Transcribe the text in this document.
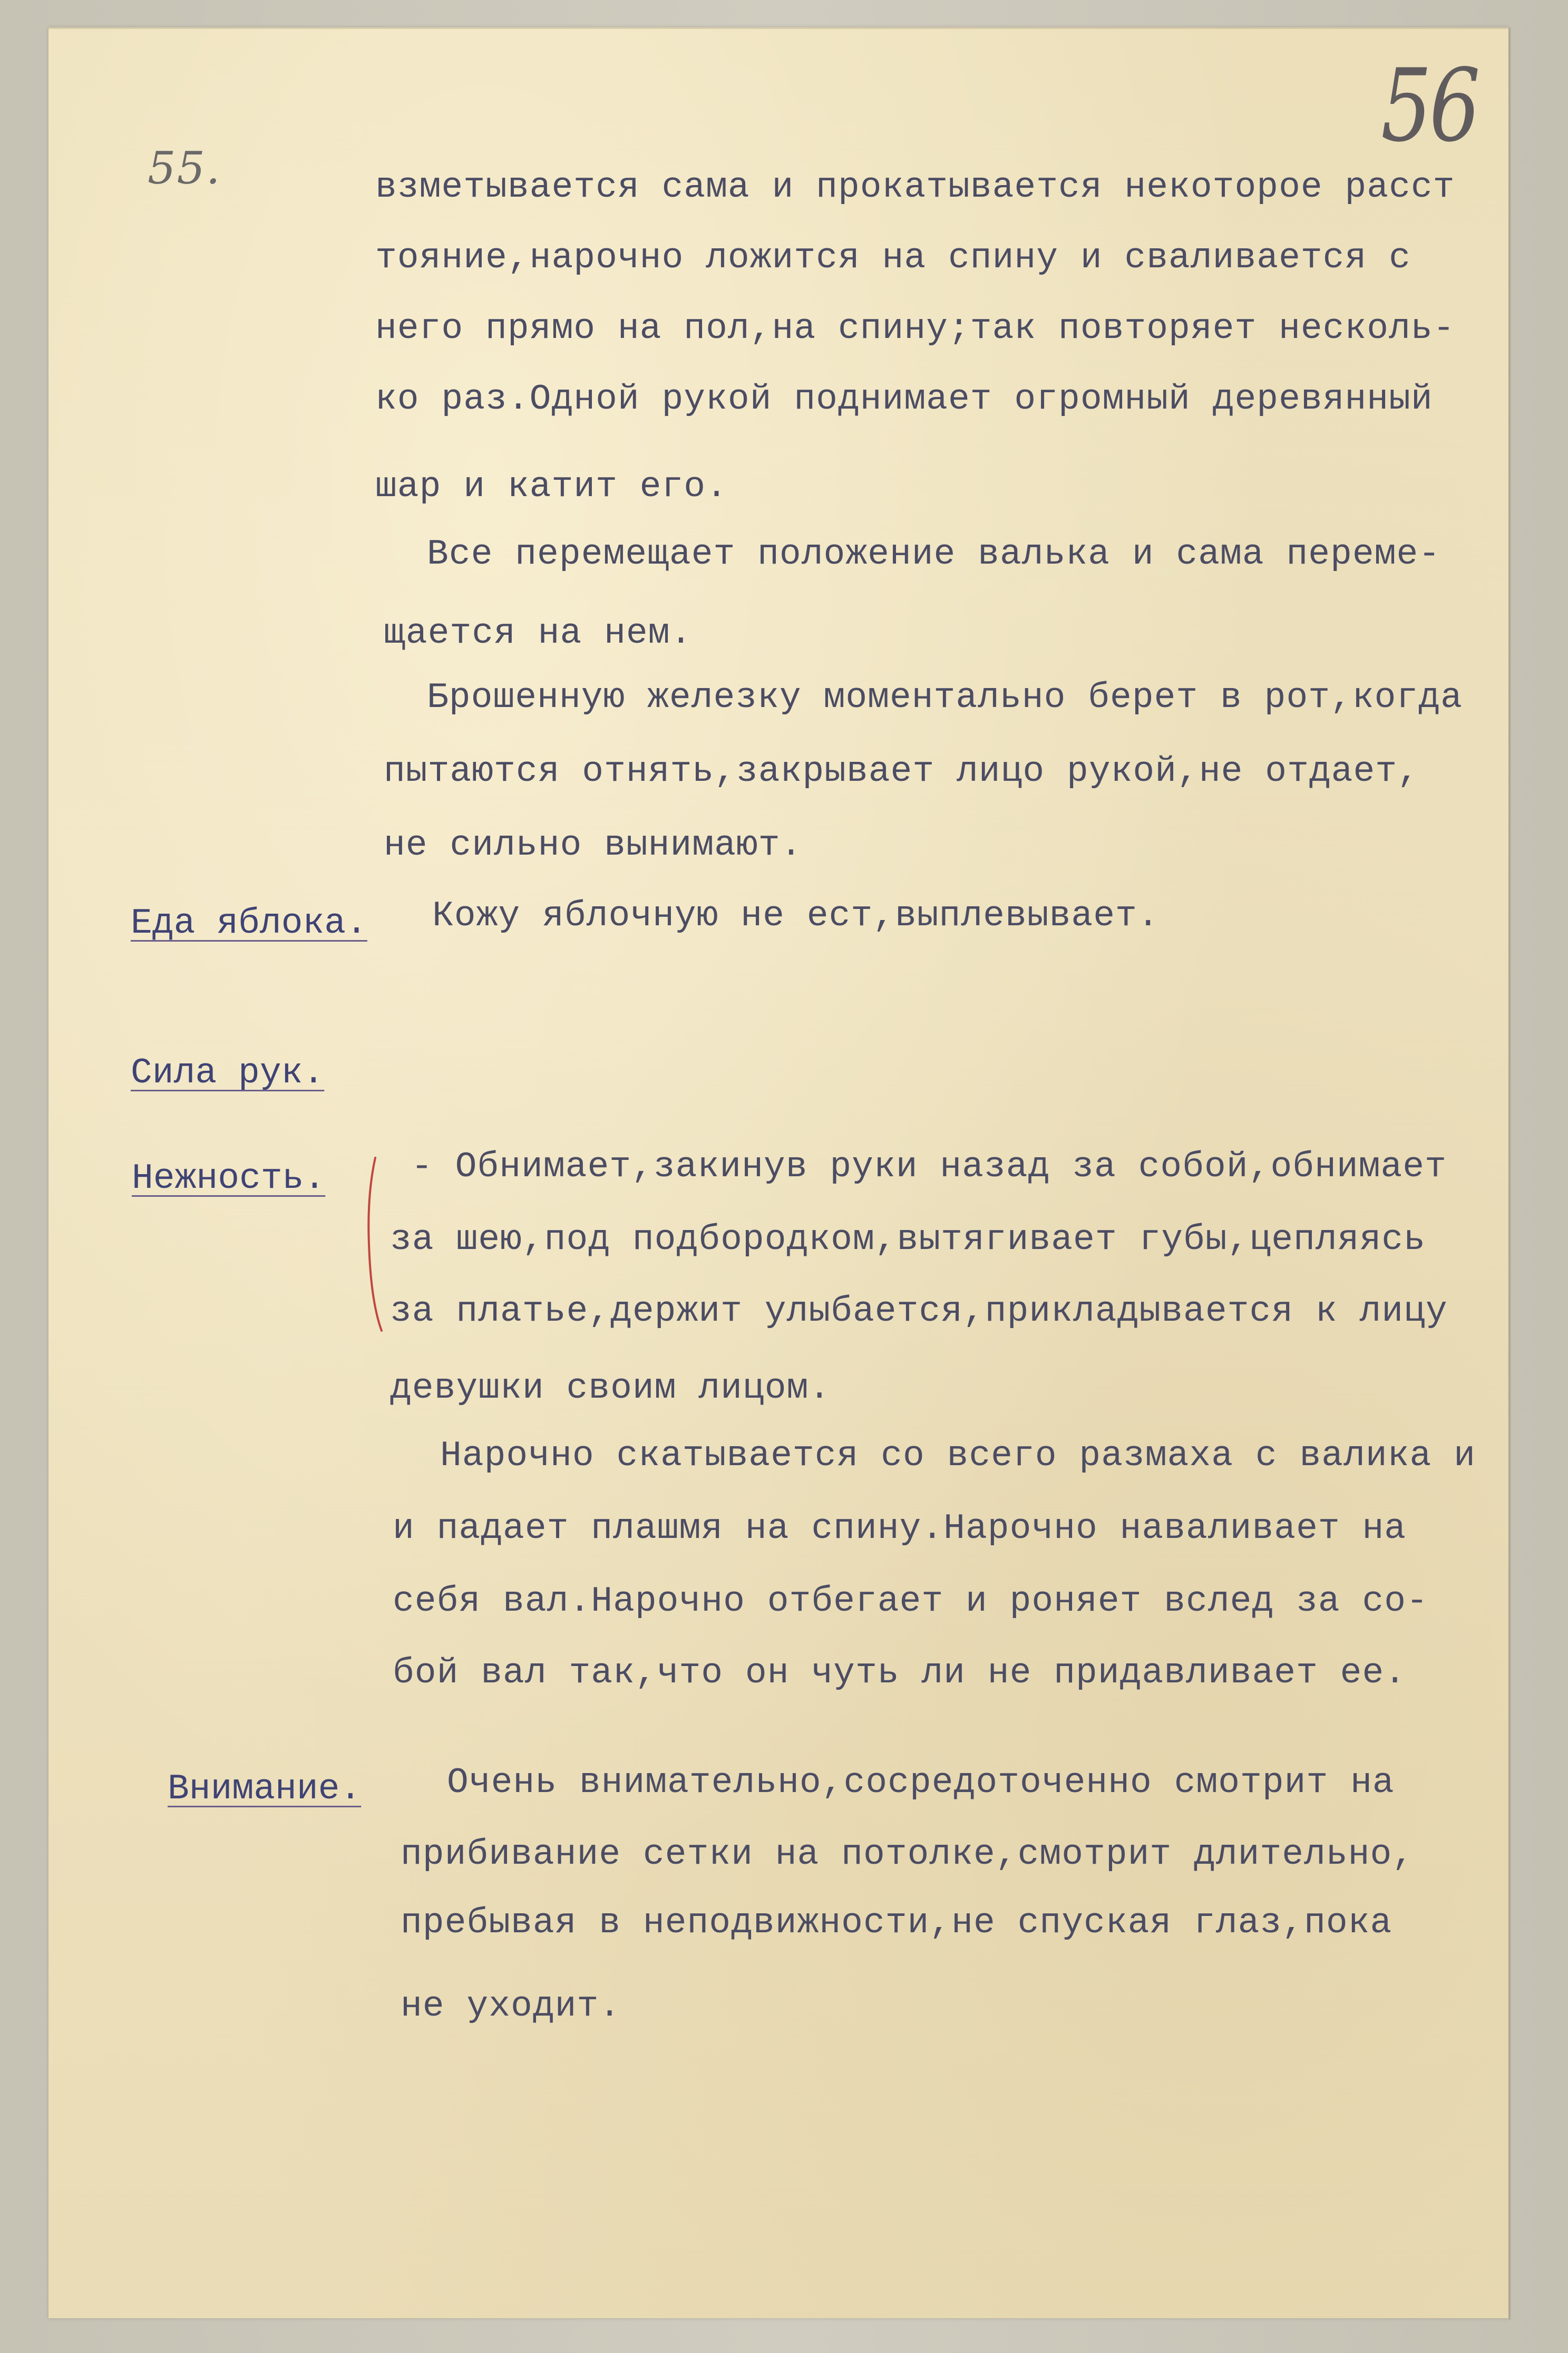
55.
56
взметывается сама и прокатывается некоторое расст
тояние,нарочно ложится на спину и сваливается с
него прямо на пол,на спину;так повторяет несколь-
ко раз.Одной рукой поднимает огромный деревянный
шар и катит его.
Все перемещает положение валька и сама переме-
щается на нем.
Брошенную железку моментально берет в рот,когда
пытаются отнять,закрывает лицо рукой,не отдает,
не сильно вынимают.
Еда яблока. Кожу яблочную не ест,выплевывает.
Сила рук.
Нежность. - Обнимает,закинув руки назад за собой,обнимает
за шею,под подбородком,вытягивает губы,цепляясь
за платье,держит улыбается,прикладывается к лицу
девушки своим лицом.
Нарочно скатывается со всего размаха с валика и
и падает плашмя на спину.Нарочно наваливает на
себя вал.Нарочно отбегает и роняет вслед за со-
бой вал так,что он чуть ли не придавливает ее.
Внимание. Очень внимательно,сосредоточенно смотрит на
прибивание сетки на потолке,смотрит длительно,
пребывая в неподвижности,не спуская глаз,пока
не уходит.
